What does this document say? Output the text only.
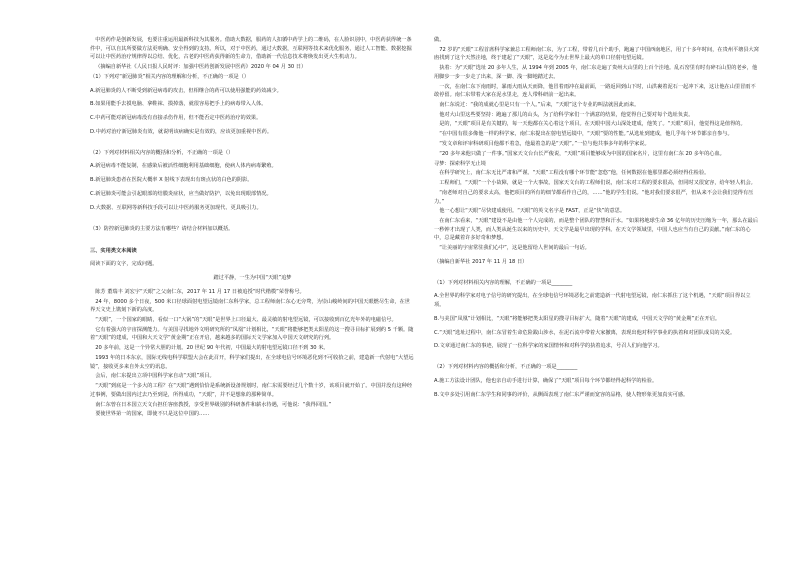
中医药作是创新发展，也要注重运用最新科技为其服务。借助大数据，服药的人扣循中药学上的二维码，在人脸识别中，中医药获得统一条件中，可以自其所要做方法更明确、安全得到的支持。所以，对于中医药，通过大数据，互联网等技术来优化服务，通过人工智能、数据挖掘可以让中医药治疗规律得以总结、优化，古老的中医药获得新的生命力，借助新一代信息技术将焕发出更大生机动力。

（摘编自新华社《人民日报人民时评：加强中医药创新发展中医药》2020 年 04 月 30 日）

（1）下列对“新冠肺炎”相关内容的理解和分析，不正确的一项是（）

A.新冠肺炎的人不断受到新冠病毒的攻击，但相继合的药可以使用强能的药效减少。

B.如果用能手去摸电脑、拿鞋袜、摸掉落，就很容易把手上的病毒带入人体。

C.中药可能对新冠病毒没有直接杀伤作用，但不能否定中医药治疗的效果。

D.中药对治疗新冠肺炎有效，就说明该病确实是有效的，应该更加重视中医药。

（2）下列对材料相关内容的概括和分析，不正确的一项是（）

A.新冠病毒不能复制，在感染后被活性细胞利用基础细胞，使病人体内病毒繁殖。

B.新冠肺炎患者在医院大概率 X 射线下表现出有斑点状的白色的阴影。

C.新冠肺炎可能会引起眼部的结膜炎症状，应当做好防护，以免出现眼部情况。

D.大数据、互联网等新科技手段可以让中医药服务更加现代、更具吸引力。

（3）防控新冠肺炎的主要方法有哪些？请结合材料加以概括。

三、实用类文本阅读

阅读下面的文字，完成问题。

踏过平静，一生为中国“天眼”追梦

陈芳 董瑞丰 刘宏宇“天眼”之父南仁东，2017 年 11 月 17 日被追授“时代楷模”荣誉称号。

24 年，8000 多个日夜，500 米口径球面射电望远镜南仁东科学家，总工程师南仁东心无旁骛，为崇山峻岭间的中国天眼燃尽生命，在世界天文史上镌刻下新的高度。

“天眼”，一个国家的眼睛，看似一口“大锅”的“天眼”是世界上口径最大、最灵敏的射电望远镜，可以接收到百亿光年外的电磁信号。

它有着强大的宇宙探测能力。与美国寻找地外文明研究所的“凤凰”计划相比，“天眼”将能够把类太阳星的这一搜寻目标扩展到约 5 千颗。随着“天眼”的建成，中国和大天文学“黄金期”正在开启，越来越多的国际天文学家加入中国天文研究的行列。

20 多年前，这是一个异常大胆的计划。20 世纪 90 年代初，中国最大的射电望远镜口径不到 30 米。

1993 年的日本东京，国际无线电科学联盟大会在此召开，科学家们提出，在全球电信号环境恶化到不可收拾之前，建造新一代射电“大望远镜”，接收更多来自外太空的讯息。

会后，南仁东提出立项中国科学家自动“天眼”项目。

“天眼”到底是一个多大的工程？在“天眼”遇到恰恰是系统新设备规划时，南仁东需要经过几个数十岁，该项目就开始了。中国并没有这种经过事例，要做出国内过去乃至到是，所得成功，“天眼”，并不是想象的那种简单。

南仁东曾在日本国立天文台担任客座教授，享受世界级别的科研条件和薪水待遇，可他说：“我得回国。”

要使世界第一的国家，即使不只是这位中国的……

做。

72 岁的“天眼”工程首席科学家兼总工程师南仁东，为了工程，带着几百个助手，跑遍了中国西南地区，用了十多年时间，在贵州平塘县大窝凼找到了这个天然洼地，终于建起了“天眼”，这是迄今为止世界上最大的单口径射电望远镜。

执着：为“天眼”选址 20 多年人生，从 1994 年到 2005 年，南仁东走遍了贵州大山里的上百个洼地。乱石窑里有时有碎石山里的老乡，他用脚步一步一步走了出来，深一脚、浅一脚地踏过去。

一次，在南仁东下南雨时，暴雨大雨从天而降，他冒着雨冲在最前面，一路返回到山下时，山洪裹着泥石一起冲下来，这让他在山里冒雨不敢停留。南仁东带着大家在泥水里走，连人带科研前一起出来。

南仁东说过：“我的成就心里是只有一个人。”后来，“天眼”这个专业的叫法就因此而来。

他对大山里这些要坚持：跑遍了那儿的山头，为了给科学家们一个满意的结果，他觉得自己要对每个选址负责。

是的，“天眼”项目是有关键的，每一天他都在关心着这个项目。在天眼中国大山深处建成，他笑了。“天眼”项目，他觉得这是值得的。

“在中国有很多像他一样的科学家，南仁东提出在射电望远镜中，“天眼”要的性能。”从选址到建成，他几乎每个环节都亲自参与。

“发文章和评审科研项目他都不着急，他最着急的是“天眼”。”一位与他共事多年的科学家说。

“20 多年来他只做了一件事。”国家天文台台长严俊说，“天眼”项目能够成为中国的国家名片，这里有南仁东 20 多年的心血。

寻梦：探索科学无止境

在科学研究上，南仁东无比严肃和严谨。“天眼”工程没有哪个环节能“忽悠”他，任何数据在他那里都必须经得住检验。

工程师们，“天眼”一个小故障，就是一个大事故。国家天文台的工程师们说，南仁东对工程的要求很高，但同时又很宽容，给年轻人机会。

“南老师对自己的要求太高，他把项目的所有的细节都看作自己的，……”他的学生们说。“他对我们要求很严，但从来不会让我们觉得有压力。”

他一心想让“天眼”尽快建成使用。“天眼”的英文名字是 FAST，正是“快”的意思。

在南仁东看来，“天眼”建设不是由他一个人完成的，而是整个团队的智慧和汗水。“如果将地球生命 36 亿年的历史压缩为一年，那么在最后一秒钟才出现了人类，而人类从诞生以来的历史中，天文学是最早出现的学科。在天文学领域里，中国人也应当有自己的贡献。”南仁东的心中，总是藏着许多好奇和梦想。

“让美丽的宇宙常驻我们心中”，这是他留给人世间的最后一句话。

（摘编自新华社 2017 年 11 月 18 日）

（1）下列对材料相关内容的理解，不正确的一项是________

A.全世界的科学家对电子信号的研究提出，在全球电信号环境恶化之前建造新一代射电望远镜，南仁东抓住了这个机遇，“天眼”项目得以立项。

B.与美国“凤凰”计划相比，“天眼”将能够把类太阳星的搜寻目标扩大，随着“天眼”的建成，中国天文学的“黄金期”正在开启。

C.“天眼”选址过程中，南仁东冒着生命危险跋山涉水，在泥石流中带着大家撤离，表现出他对科学事业的执着和对团队成员的关爱。

D.文章通过南仁东的事迹，展现了一位科学家的家国情怀和对科学的执着追求，号召人们向他学习。

（2）下列对材料内容的概括和分析，不正确的一项是________

A.施工方法设计团队，他也亲自动手进行计算，确保了“天眼”项目每个环节都经得起科学的检验。

B.文中多处引用南仁东学生和同事的评价，从侧面表现了南仁东严谨而宽容的品格，使人物形象更加真实可感。
